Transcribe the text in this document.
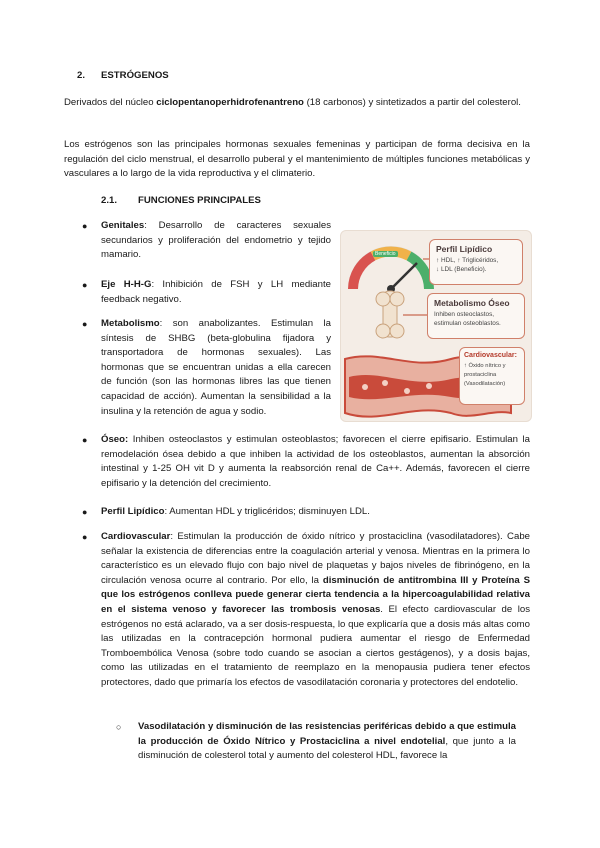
2. ESTRÓGENOS

Derivados del núcleo ciclopentanoperhidrofenantreno (18 carbonos) y sintetizados a partir del colesterol.

Los estrógenos son las principales hormonas sexuales femeninas y participan de forma decisiva en la regulación del ciclo menstrual, el desarrollo puberal y el mantenimiento de múltiples funciones metabólicas y vasculares a lo largo de la vida reproductiva y el climaterio.

2.1. FUNCIONES PRINCIPALES
● Genitales: Desarrollo de caracteres sexuales secundarios y proliferación del endometrio y tejido mamario.

● Eje H-H-G: Inhibición de FSH y LH mediante feedback negativo.

● Metabolismo: son anabolizantes. Estimulan la síntesis de SHBG (beta-globulina fijadora y transportadora de hormonas sexuales). Las hormonas que se encuentran unidas a ella carecen de función (son las hormonas libres las que tienen capacidad de acción). Aumentan la sensibilidad a la insulina y la retención de agua y sodio.

Beneficio	Perfil Lipídico
↑ HDL, ↑ Triglicéridos,
↓ LDL (Beneficio).
Metabolismo Óseo
Inhiben osteoclastos,
estimulan osteoblastos.
Cardiovascular:
↑ Óxido nítrico y
prostaciclina
(Vasodilatación)
● Óseo: Inhiben osteoclastos y estimulan osteoblastos; favorecen el cierre epifisario. Estimulan la remodelación ósea debido a que inhiben la actividad de los osteoblastos, aumentan la absorción intestinal y 1-25 OH vit D y aumenta la reabsorción renal de Ca++. Además, favorecen el cierre epifisario y la detención del crecimiento.

● Perfil Lipídico: Aumentan HDL y triglicéridos; disminuyen LDL.

● Cardiovascular: Estimulan la producción de óxido nítrico y prostaciclina (vasodilatadores). Cabe señalar la existencia de diferencias entre la coagulación arterial y venosa. Mientras en la primera lo característico es un elevado flujo con bajo nivel de plaquetas y bajos niveles de fibrinógeno, en la circulación venosa ocurre al contrario. Por ello, la disminución de antitrombina III y Proteína S que los estrógenos conlleva puede generar cierta tendencia a la hipercoagulabilidad relativa en el sistema venoso y favorecer las trombosis venosas. El efecto cardiovascular de los estrógenos no está aclarado, va a ser dosis-respuesta, lo que explicaría que a dosis más altas como las utilizadas en la contracepción hormonal pudiera aumentar el riesgo de Enfermedad Tromboembólica Venosa (sobre todo cuando se asocian a ciertos gestágenos), y a dosis bajas, como las utilizadas en el tratamiento de reemplazo en la menopausia pudiera tener efectos protectores, dado que primaría los efectos de vasodilatación coronaria y protectores del endotelio.

○ Vasodilatación y disminución de las resistencias periféricas debido a que estimula la producción de Óxido Nítrico y Prostaciclina a nivel endotelial, que junto a la disminución de colesterol total y aumento del colesterol HDL, favorece la
